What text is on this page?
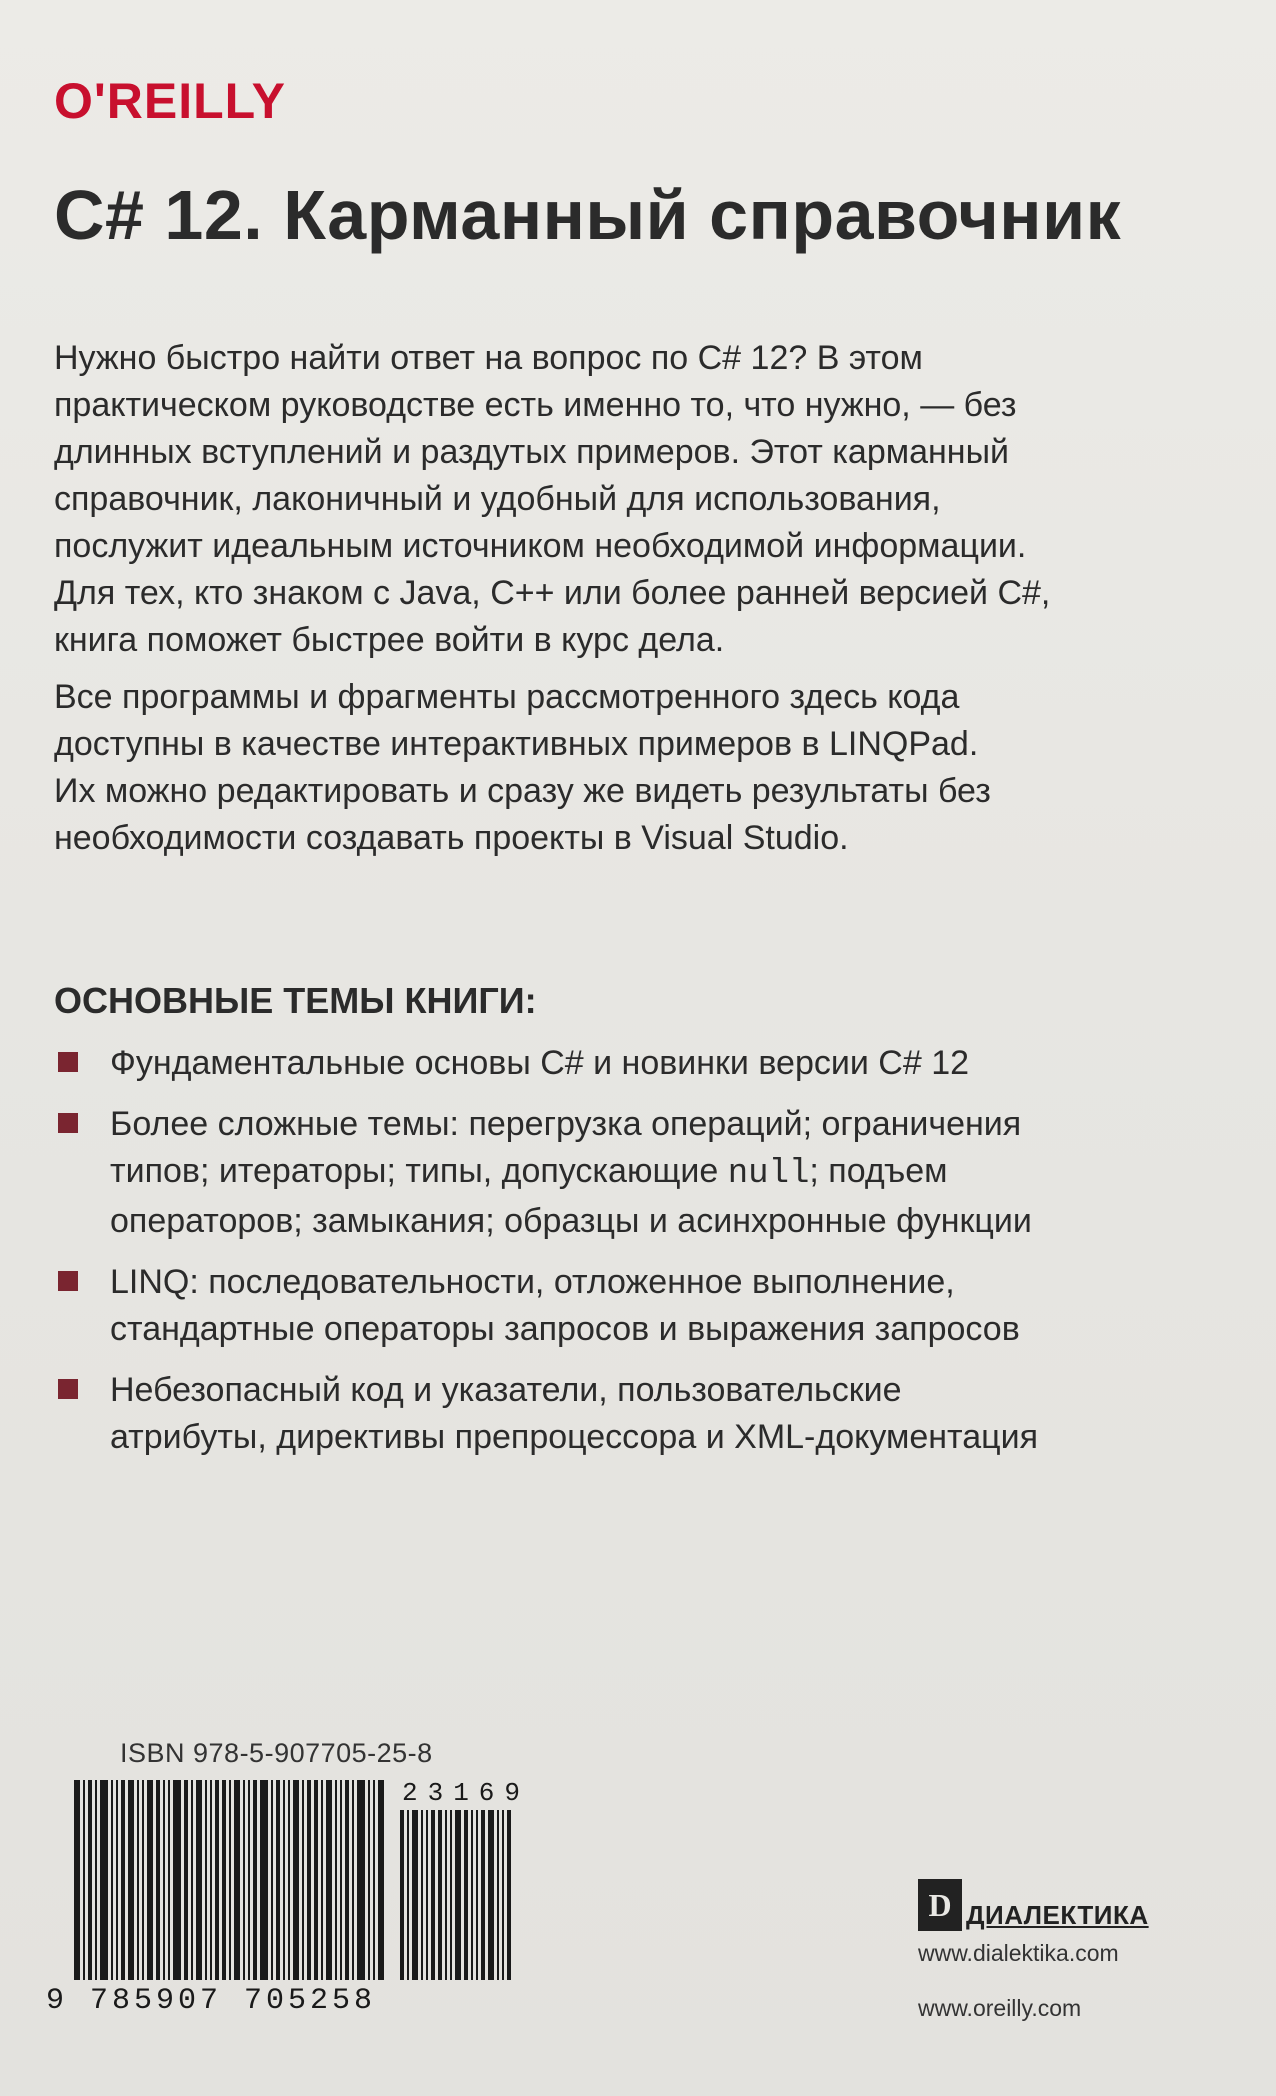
O'REILLY
C# 12. Карманный справочник

Нужно быстро найти ответ на вопрос по C# 12? В этом
практическом руководстве есть именно то, что нужно, — без
длинных вступлений и раздутых примеров. Этот карманный
справочник, лаконичный и удобный для использования,
послужит идеальным источником необходимой информации.
Для тех, кто знаком с Java, C++ или более ранней версией C#,
книга поможет быстрее войти в курс дела.

Все программы и фрагменты рассмотренного здесь кода
доступны в качестве интерактивных примеров в LINQPad.
Их можно редактировать и сразу же видеть результаты без
необходимости создавать проекты в Visual Studio.

ОСНОВНЫЕ ТЕМЫ КНИГИ:
Фундаментальные основы C# и новинки версии C# 12
Более сложные темы: перегрузка операций; ограничения
типов; итераторы; типы, допускающие null; подъем
операторов; замыкания; образцы и асинхронные функции
LINQ: последовательности, отложенное выполнение,
стандартные операторы запросов и выражения запросов
Небезопасный код и указатели, пользовательские
атрибуты, директивы препроцессора и XML-документация
ISBN 978-5-907705-25-8
23169
9 785907 705258
D ДИАЛЕКТИКА
www.dialektika.com
www.oreilly.com
